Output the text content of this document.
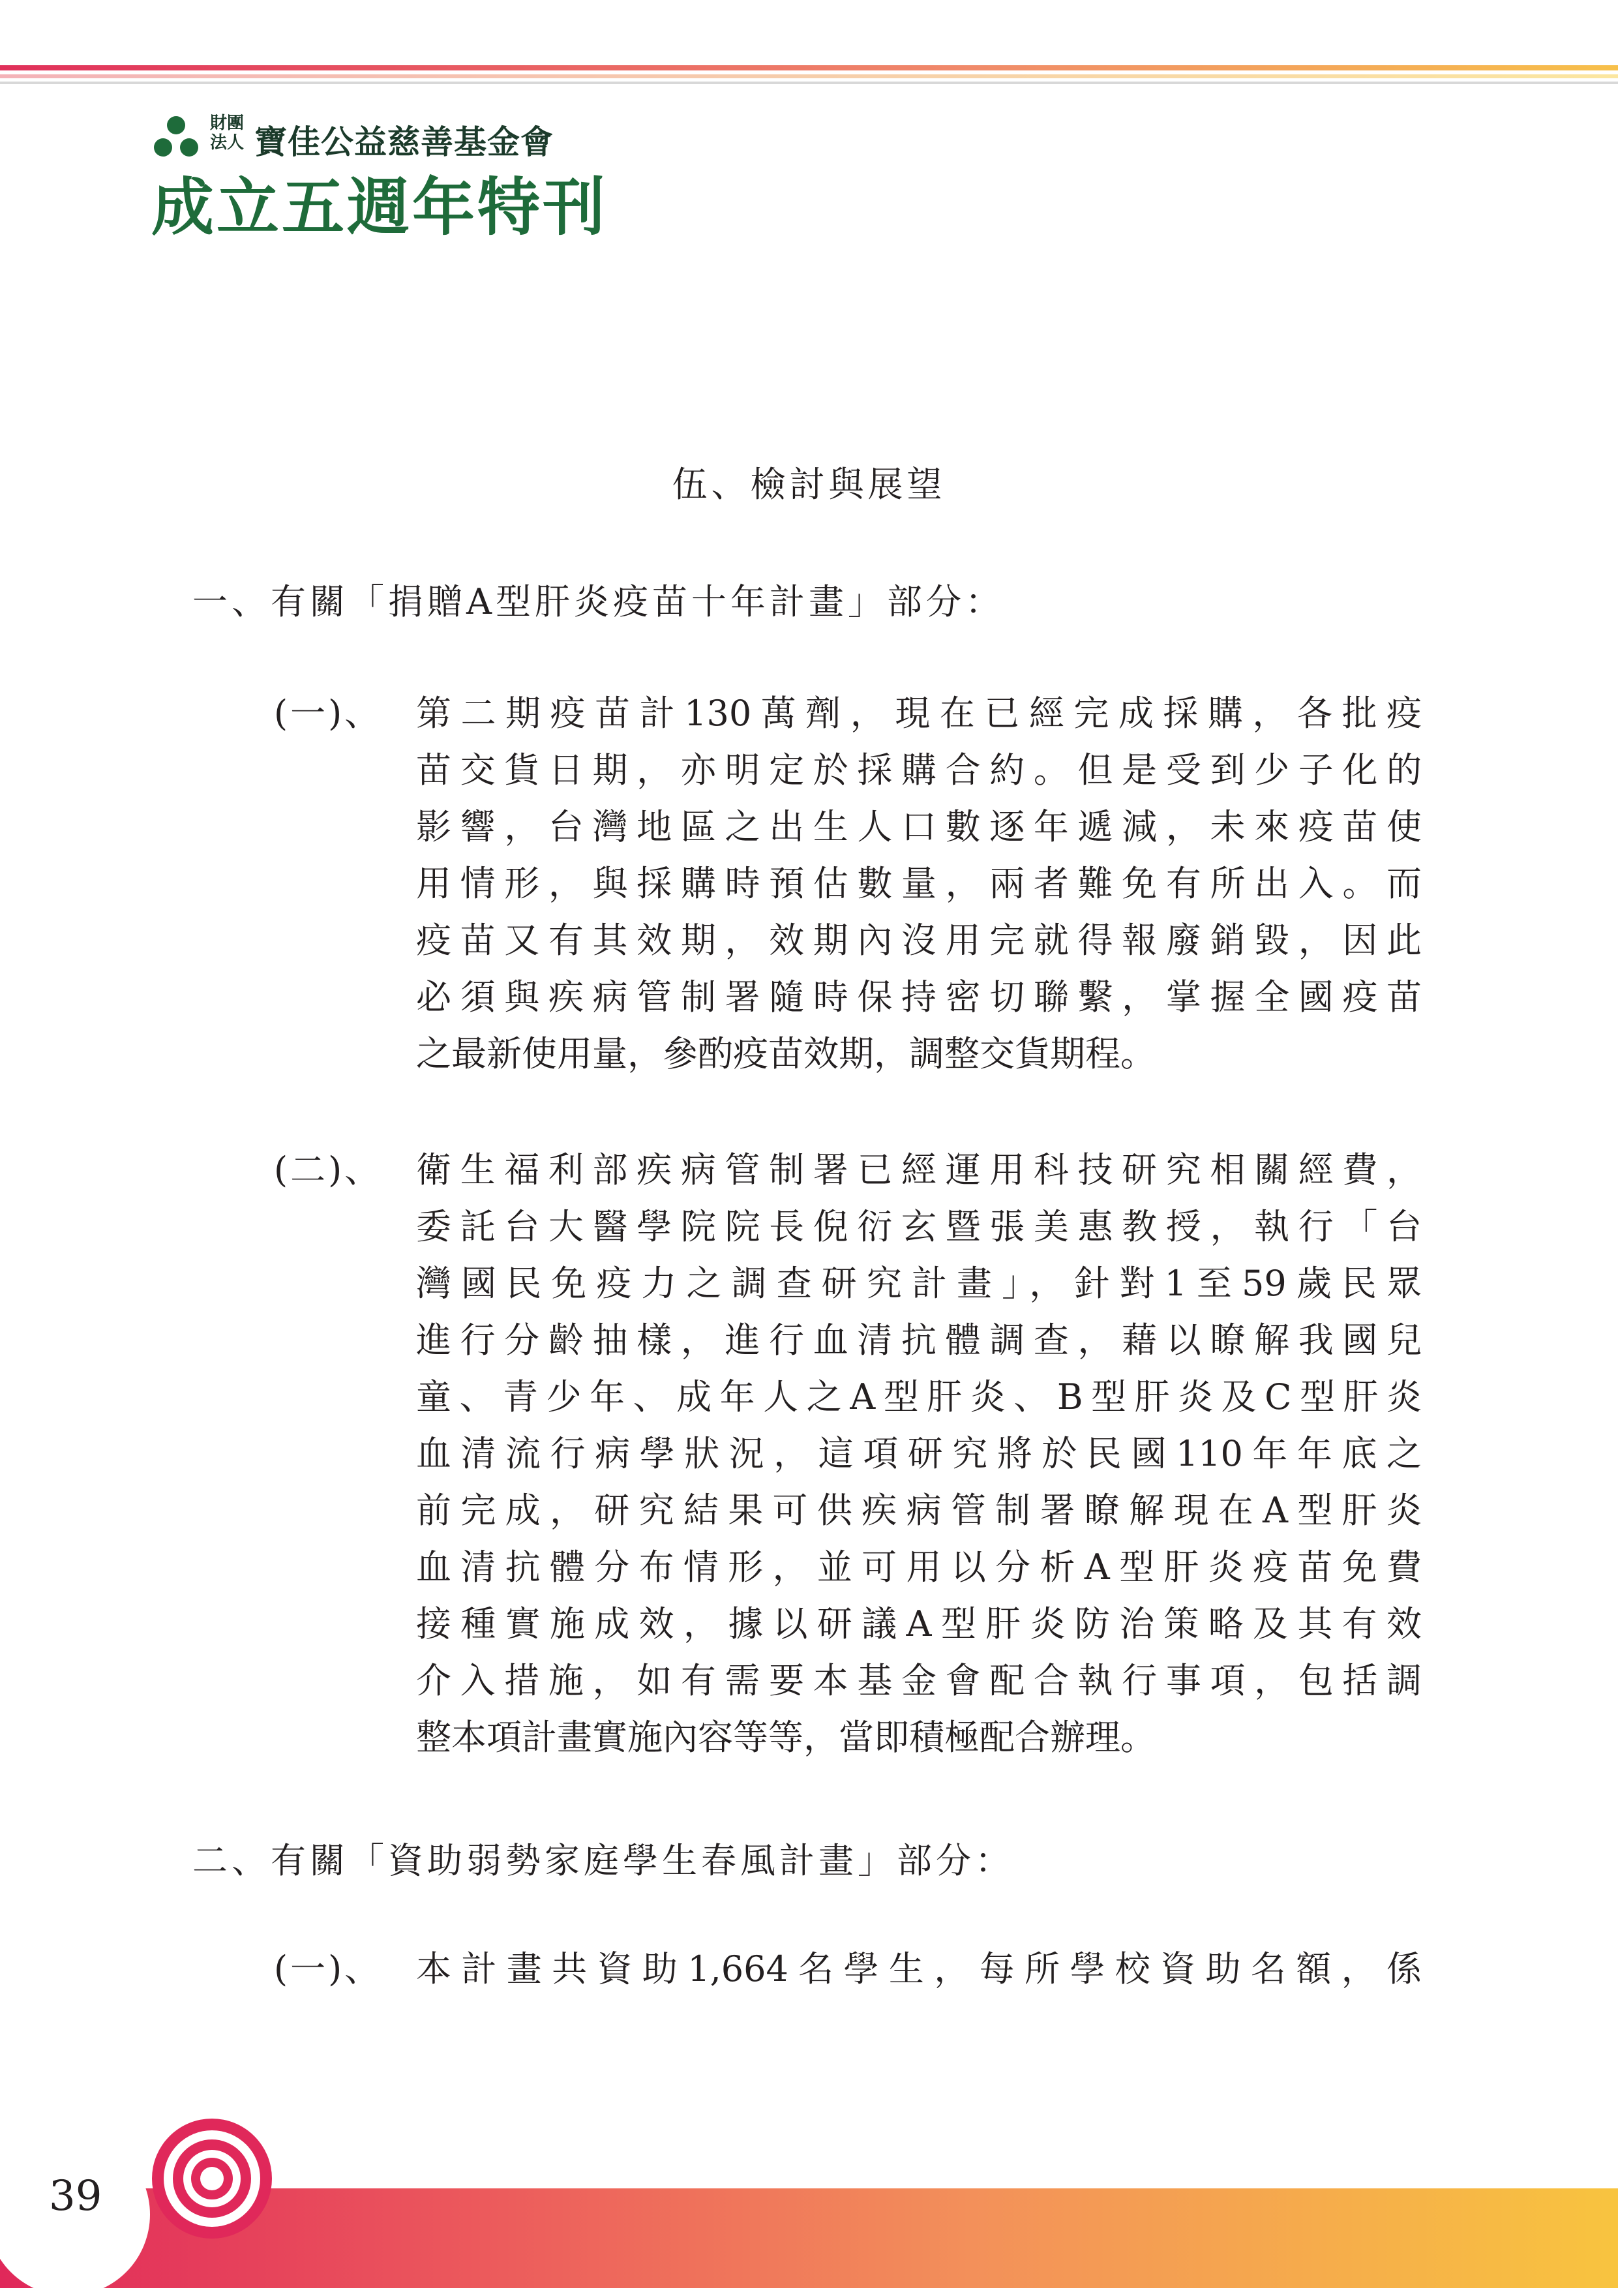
財團
法人 寶佳公益慈善基金會
成立五週年特刊
伍、檢討與展望
一、有關「捐贈A型肝炎疫苗十年計畫」部分：
(一)、 第二期疫苗計130萬劑，現在已經完成採購，各批疫
苗交貨日期，亦明定於採購合約。但是受到少子化的
影響，台灣地區之出生人口數逐年遞減，未來疫苗使
用情形，與採購時預估數量，兩者難免有所出入。而
疫苗又有其效期，效期內沒用完就得報廢銷毀，因此
必須與疾病管制署隨時保持密切聯繫，掌握全國疫苗
之最新使用量，參酌疫苗效期，調整交貨期程。
(二)、 衛生福利部疾病管制署已經運用科技研究相關經費，
委託台大醫學院院長倪衍玄暨張美惠教授，執行「台
灣國民免疫力之調查研究計畫」，針對1至59歲民眾
進行分齡抽樣，進行血清抗體調查，藉以瞭解我國兒
童、青少年、成年人之A型肝炎、B型肝炎及C型肝炎
血清流行病學狀況，這項研究將於民國110年年底之
前完成，研究結果可供疾病管制署瞭解現在A型肝炎
血清抗體分布情形，並可用以分析A型肝炎疫苗免費
接種實施成效，據以研議A型肝炎防治策略及其有效
介入措施，如有需要本基金會配合執行事項，包括調
整本項計畫實施內容等等，當即積極配合辦理。
二、有關「資助弱勢家庭學生春風計畫」部分：
(一)、 本計畫共資助1,664名學生，每所學校資助名額，係
39
